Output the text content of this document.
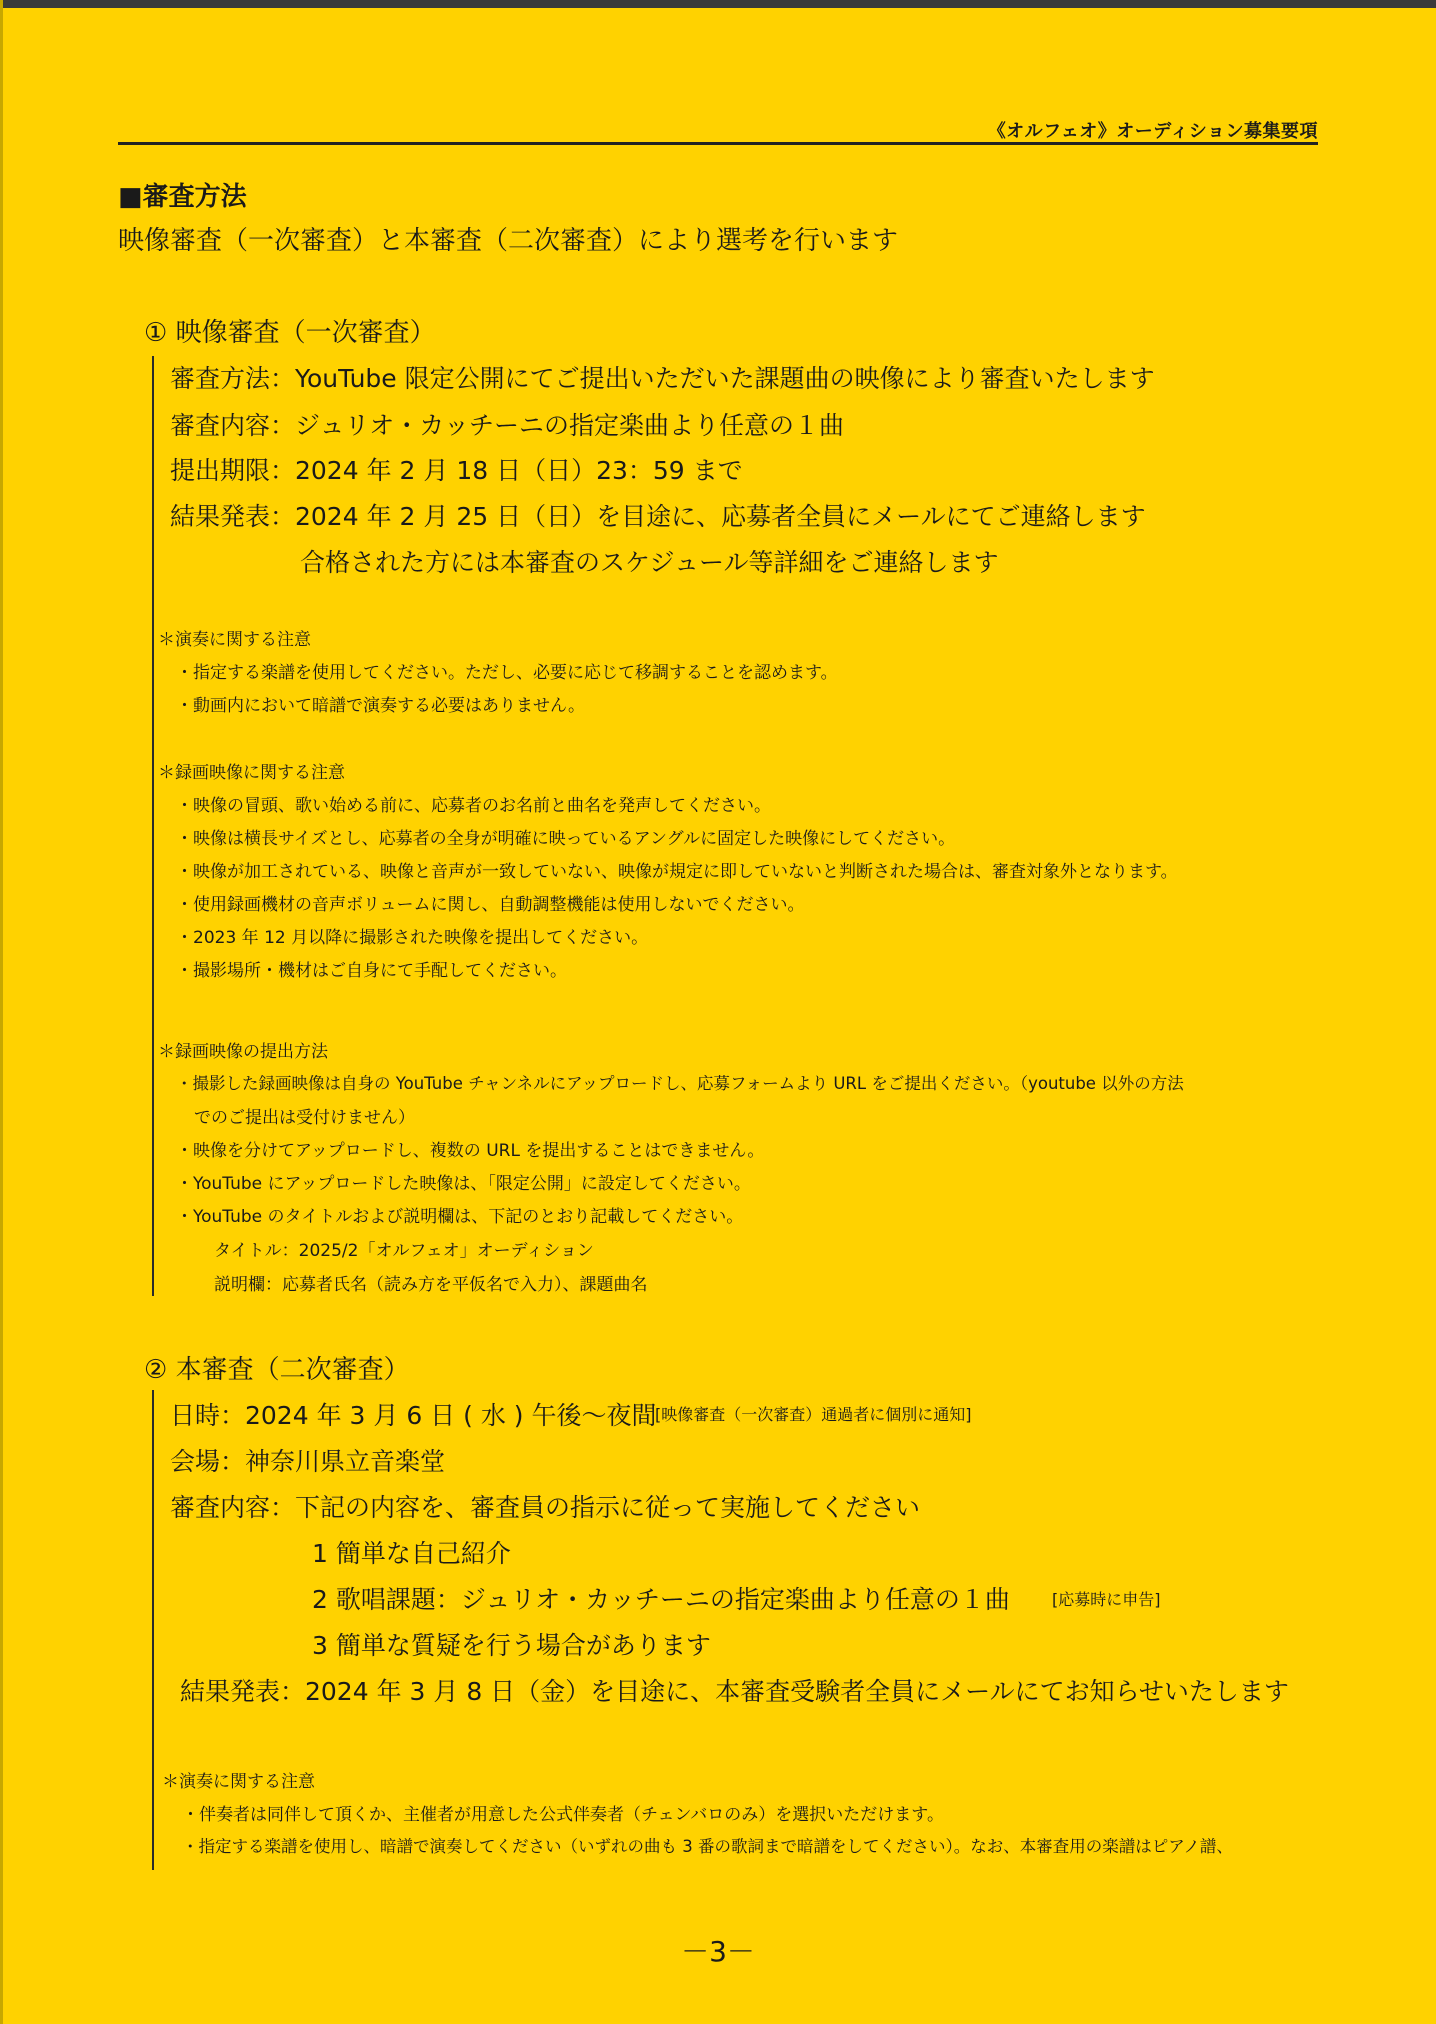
《オルフェオ》オーディション募集要項
■審査方法
映像審査（一次審査）と本審査（二次審査）により選考を行います
① 映像審査（一次審査）
審査方法：YouTube 限定公開にてご提出いただいた課題曲の映像により審査いたします
審査内容：ジュリオ・カッチーニの指定楽曲より任意の１曲
提出期限：2024 年 2 月 18 日（日）23：59 まで
結果発表：2024 年 2 月 25 日（日）を目途に、応募者全員にメールにてご連絡します
合格された方には本審査のスケジュール等詳細をご連絡します
＊演奏に関する注意
・指定する楽譜を使用してください。ただし、必要に応じて移調することを認めます。
・動画内において暗譜で演奏する必要はありません。
＊録画映像に関する注意
・映像の冒頭、歌い始める前に、応募者のお名前と曲名を発声してください。
・映像は横長サイズとし、応募者の全身が明確に映っているアングルに固定した映像にしてください。
・映像が加工されている、映像と音声が一致していない、映像が規定に即していないと判断された場合は、審査対象外となります。
・使用録画機材の音声ボリュームに関し、自動調整機能は使用しないでください。
・2023 年 12 月以降に撮影された映像を提出してください。
・撮影場所・機材はご自身にて手配してください。
＊録画映像の提出方法
・撮影した録画映像は自身の YouTube チャンネルにアップロードし、応募フォームより URL をご提出ください。（youtube 以外の方法
でのご提出は受付けません）
・映像を分けてアップロードし、複数の URL を提出することはできません。
・YouTube にアップロードした映像は、「限定公開」に設定してください。
・YouTube のタイトルおよび説明欄は、下記のとおり記載してください。
タイトル：2025/2「オルフェオ」オーディション
説明欄：応募者氏名（読み方を平仮名で入力）、課題曲名
② 本審査（二次審査）
日時：2024 年 3 月 6 日 ( 水 ) 午後〜夜間
[映像審査（一次審査）通過者に個別に通知]
会場：神奈川県立音楽堂
審査内容：下記の内容を、審査員の指示に従って実施してください
1 簡単な自己紹介
2 歌唱課題：ジュリオ・カッチーニの指定楽曲より任意の１曲	[応募時に申告]
3 簡単な質疑を行う場合があります
結果発表：2024 年 3 月 8 日（金）を目途に、本審査受験者全員にメールにてお知らせいたします
＊演奏に関する注意
・伴奏者は同伴して頂くか、主催者が用意した公式伴奏者（チェンバロのみ）を選択いただけます。
・指定する楽譜を使用し、暗譜で演奏してください（いずれの曲も 3 番の歌詞まで暗譜をしてください）。なお、本審査用の楽譜はピアノ譜、
－3－
